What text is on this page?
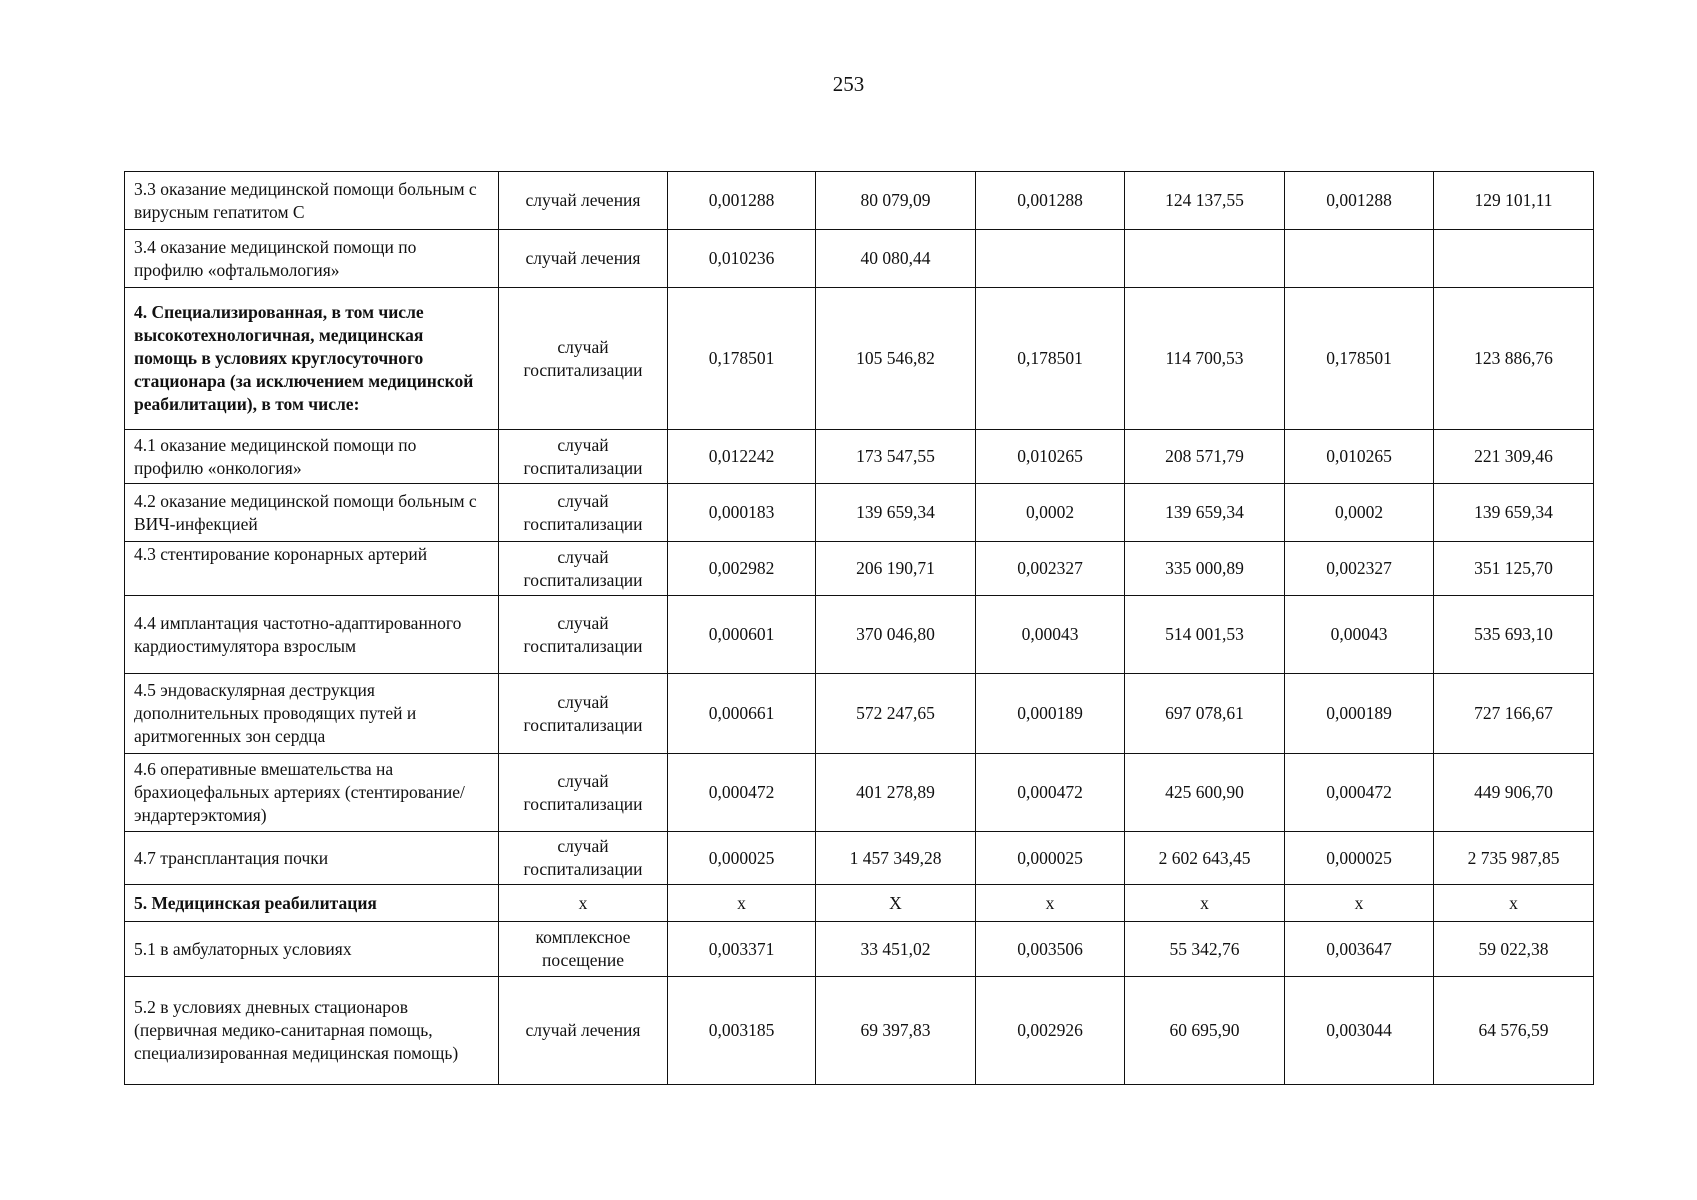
253
3.3 оказание медицинской помощи больным с вирусным гепатитом С	случай лечения	0,001288	80 079,09	0,001288	124 137,55	0,001288	129 101,11
3.4 оказание медицинской помощи по профилю «офтальмология»	случай лечения	0,010236	40 080,44				
4. Специализированная, в том числе высокотехнологичная, медицинская помощь в условиях круглосуточного стационара (за исключением медицинской реабилитации), в том числе:	случай госпитализации	0,178501	105 546,82	0,178501	114 700,53	0,178501	123 886,76
4.1 оказание медицинской помощи по профилю «онкология»	случай госпитализации	0,012242	173 547,55	0,010265	208 571,79	0,010265	221 309,46
4.2 оказание медицинской помощи больным с ВИЧ-инфекцией	случай госпитализации	0,000183	139 659,34	0,0002	139 659,34	0,0002	139 659,34
4.3 стентирование коронарных артерий	случай госпитализации	0,002982	206 190,71	0,002327	335 000,89	0,002327	351 125,70
4.4 имплантация частотно-адаптированного кардиостимулятора взрослым	случай госпитализации	0,000601	370 046,80	0,00043	514 001,53	0,00043	535 693,10
4.5 эндоваскулярная деструкция дополнительных проводящих путей и аритмогенных зон сердца	случай госпитализации	0,000661	572 247,65	0,000189	697 078,61	0,000189	727 166,67
4.6 оперативные вмешательства на брахиоцефальных артериях (стентирование/эндартерэктомия)	случай госпитализации	0,000472	401 278,89	0,000472	425 600,90	0,000472	449 906,70
4.7 трансплантация почки	случай госпитализации	0,000025	1 457 349,28	0,000025	2 602 643,45	0,000025	2 735 987,85
5. Медицинская реабилитация	х	х	Х	х	х	х	х
5.1 в амбулаторных условиях	комплексное посещение	0,003371	33 451,02	0,003506	55 342,76	0,003647	59 022,38
5.2 в условиях дневных стационаров (первичная медико-санитарная помощь, специализированная медицинская помощь)	случай лечения	0,003185	69 397,83	0,002926	60 695,90	0,003044	64 576,59
